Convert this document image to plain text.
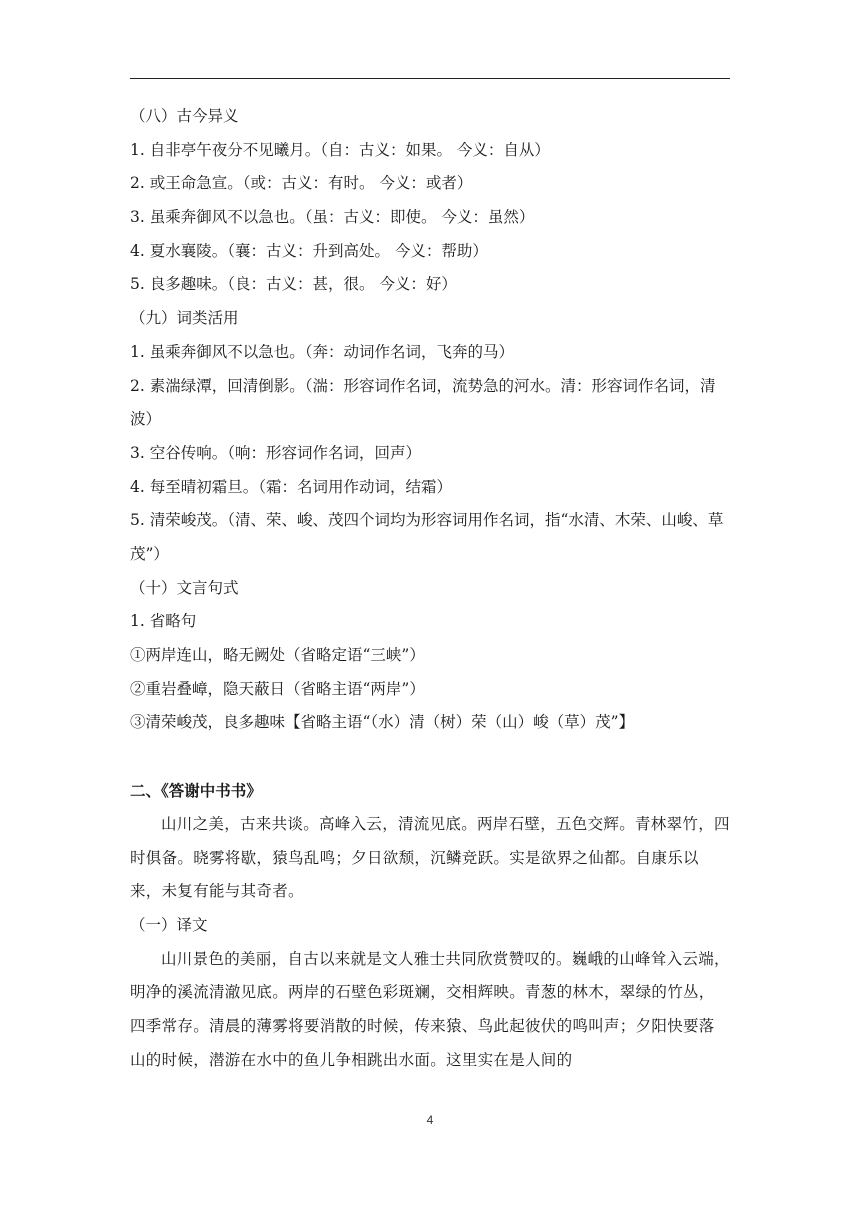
（八）古今异义
1. 自非亭午夜分不见曦月。（自：古义：如果。 今义：自从）
2. 或王命急宣。（或：古义：有时。 今义：或者）
3. 虽乘奔御风不以急也。（虽：古义：即使。 今义：虽然）
4. 夏水襄陵。（襄：古义：升到高处。 今义：帮助）
5. 良多趣味。（良：古义：甚，很。 今义：好）
（九）词类活用
1. 虽乘奔御风不以急也。（奔：动词作名词，飞奔的马）
2. 素湍绿潭，回清倒影。（湍：形容词作名词，流势急的河水。清：形容词作名词，清波）
3. 空谷传响。（响：形容词作名词，回声）
4. 每至晴初霜旦。（霜：名词用作动词，结霜）
5. 清荣峻茂。（清、荣、峻、茂四个词均为形容词用作名词，指“水清、木荣、山峻、草茂”）
（十）文言句式
1. 省略句
①两岸连山，略无阙处（省略定语“三峡”）
②重岩叠嶂，隐天蔽日（省略主语“两岸”）
③清荣峻茂，良多趣味【省略主语“（水）清（树）荣（山）峻（草）茂”】
二、《答谢中书书》

山川之美，古来共谈。高峰入云，清流见底。两岸石壁，五色交辉。青林翠竹，四时俱备。晓雾将歇，猿鸟乱鸣；夕日欲颓，沉鳞竞跃。实是欲界之仙都。自康乐以来，未复有能与其奇者。

（一）译文

山川景色的美丽，自古以来就是文人雅士共同欣赏赞叹的。巍峨的山峰耸入云端，明净的溪流清澈见底。两岸的石壁色彩斑斓，交相辉映。青葱的林木，翠绿的竹丛，四季常存。清晨的薄雾将要消散的时候，传来猿、鸟此起彼伏的鸣叫声；夕阳快要落山的时候，潜游在水中的鱼儿争相跳出水面。这里实在是人间的

4
